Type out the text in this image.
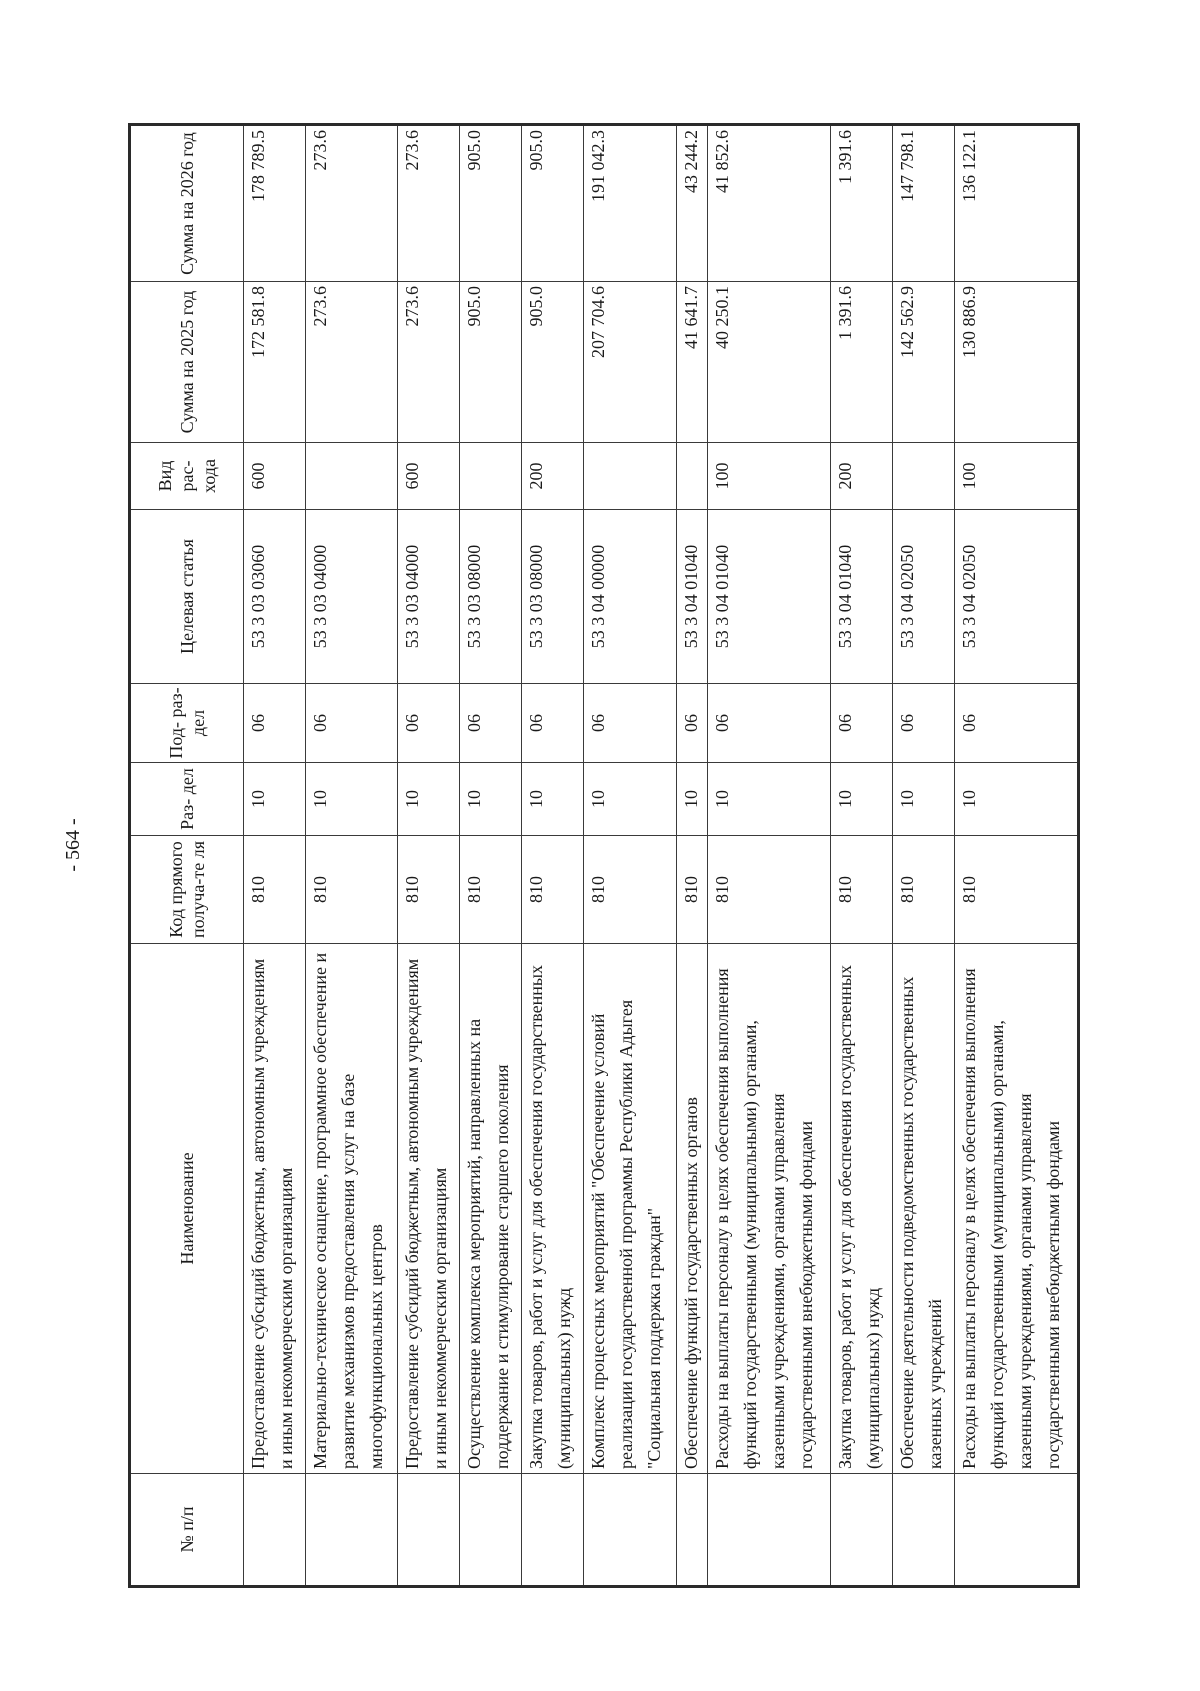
- 564 -
№ п/п	Наименование	Код прямого получа-те ля	Раз- дел	Под- раз- дел	Целевая статья	Вид рас- хода	Сумма на 2025 год	Сумма на 2026 год
	Предоставление субсидий бюджетным, автономным учреждениям и иным некоммерческим организациям	810	10	06	53 3 03 03060	600	172 581.8	178 789.5
	Материально-техническое оснащение, программное обеспечение и развитие механизмов предоставления услуг на базе многофункциональных центров	810	10	06	53 3 03 04000		273.6	273.6
	Предоставление субсидий бюджетным, автономным учреждениям и иным некоммерческим организациям	810	10	06	53 3 03 04000	600	273.6	273.6
	Осуществление комплекса мероприятий, направленных на поддержание и стимулирование старшего поколения	810	10	06	53 3 03 08000		905.0	905.0
	Закупка товаров, работ и услуг для обеспечения государственных (муниципальных) нужд	810	10	06	53 3 03 08000	200	905.0	905.0
	Комплекс процессных мероприятий "Обеспечение условий реализации государственной программы Республики Адыгея "Социальная поддержка граждан"	810	10	06	53 3 04 00000		207 704.6	191 042.3
	Обеспечение функций государственных органов	810	10	06	53 3 04 01040		41 641.7	43 244.2
	Расходы на выплаты персоналу в целях обеспечения выполнения функций государственными (муниципальными) органами, казенными учреждениями, органами управления государственными внебюджетными фондами	810	10	06	53 3 04 01040	100	40 250.1	41 852.6
	Закупка товаров, работ и услуг для обеспечения государственных (муниципальных) нужд	810	10	06	53 3 04 01040	200	1 391.6	1 391.6
	Обеспечение деятельности подведомственных государственных казенных учреждений	810	10	06	53 3 04 02050		142 562.9	147 798.1
	Расходы на выплаты персоналу в целях обеспечения выполнения функций государственными (муниципальными) органами, казенными учреждениями, органами управления государственными внебюджетными фондами	810	10	06	53 3 04 02050	100	130 886.9	136 122.1
